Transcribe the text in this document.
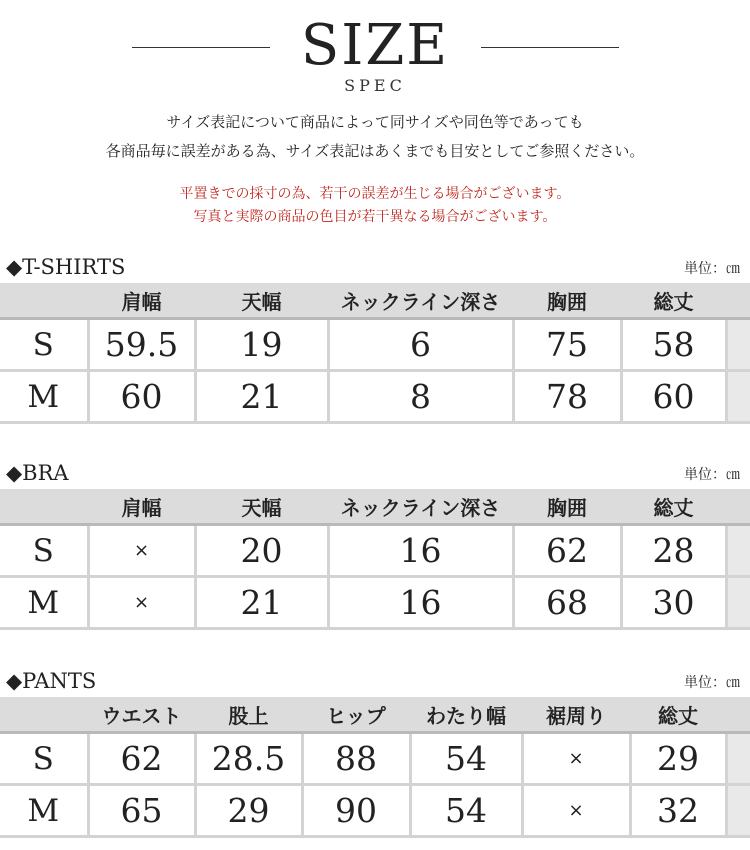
SIZE
SPEC
サイズ表記について商品によって同サイズや同色等であっても
各商品毎に誤差がある為、サイズ表記はあくまでも目安としてご参照ください。
平置きでの採寸の為、若干の誤差が生じる場合がございます。
写真と実際の商品の色目が若干異なる場合がございます。
◆T-SHIRTS	単位：㎝
	肩幅	天幅	ネックライン深さ	胸囲	総丈	
S	59.5	19	6	75	58	
M	60	21	8	78	60	
◆BRA	単位：㎝
	肩幅	天幅	ネックライン深さ	胸囲	総丈	
S	×	20	16	62	28	
M	×	21	16	68	30	
◆PANTS	単位：㎝
	ウエスト	股上	ヒップ	わたり幅	裾周り	総丈	
S	62	28.5	88	54	×	29	
M	65	29	90	54	×	32	
